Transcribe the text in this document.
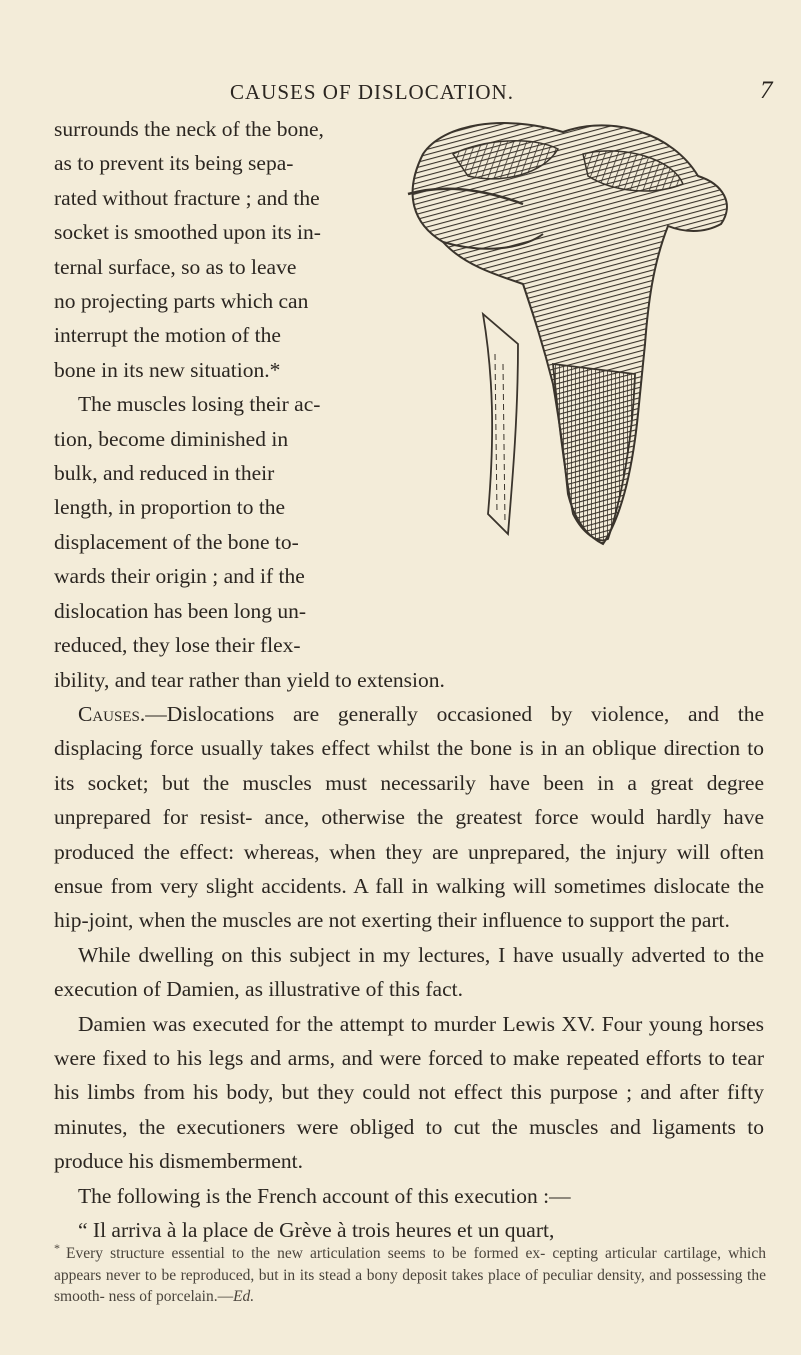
CAUSES OF DISLOCATION.	7

surrounds the neck of the bone,

as to prevent its being sepa-

rated without fracture ; and the

socket is smoothed upon its in-

ternal surface, so as to leave

no projecting parts which can

interrupt the motion of the

bone in its new situation.*

The muscles losing their ac-

tion, become diminished in

bulk, and reduced in their

length, in proportion to the

displacement of the bone to-

wards their origin ; and if the

dislocation has been long un-

reduced, they lose their flex-

ibility, and tear rather than yield to extension.

Causes.—Dislocations are generally occasioned by violence, and the displacing force usually takes effect whilst the bone is in an oblique direction to its socket; but the muscles must necessarily have been in a great degree unprepared for resist- ance, otherwise the greatest force would hardly have produced the effect: whereas, when they are unprepared, the injury will often ensue from very slight accidents. A fall in walking will sometimes dislocate the hip-joint, when the muscles are not exerting their influence to support the part.

While dwelling on this subject in my lectures, I have usually adverted to the execution of Damien, as illustrative of this fact.

Damien was executed for the attempt to murder Lewis XV. Four young horses were fixed to his legs and arms, and were forced to make repeated efforts to tear his limbs from his body, but they could not effect this purpose ; and after fifty minutes, the executioners were obliged to cut the muscles and ligaments to produce his dismemberment.

The following is the French account of this execution :—

“ Il arriva à la place de Grève à trois heures et un quart,

* Every structure essential to the new articulation seems to be formed ex- cepting articular cartilage, which appears never to be reproduced, but in its stead a bony deposit takes place of peculiar density, and possessing the smooth- ness of porcelain.—Ed.
